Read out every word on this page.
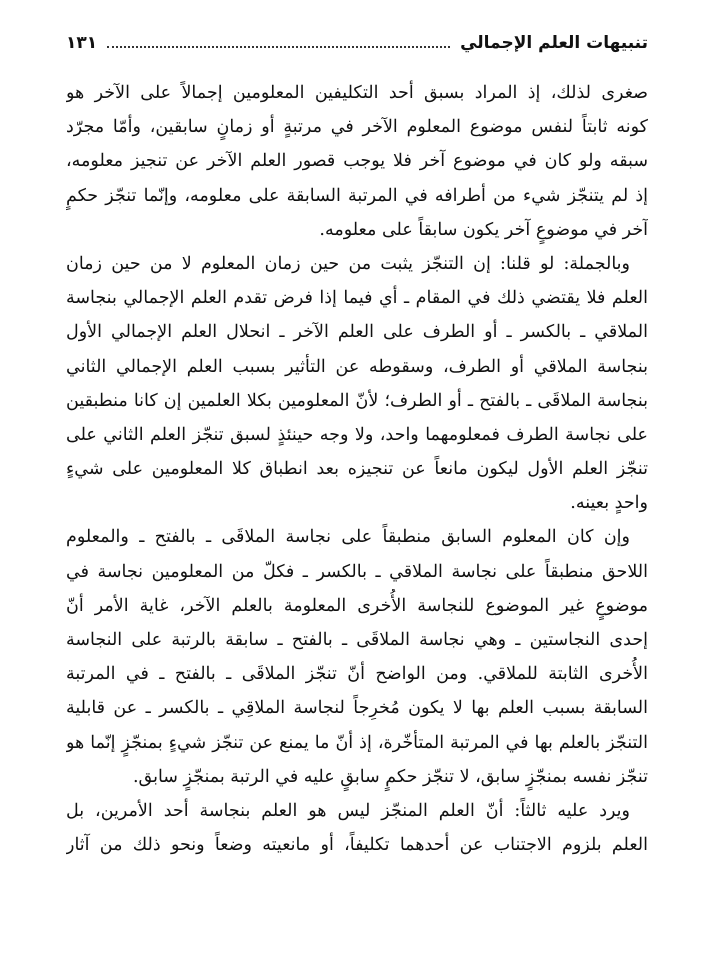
تنبيهات العلم الإجمالي
١٣١
صغرى لذلك، إذ المراد بسبق أحد التكليفين المعلومين إجمالاً على الآخر هو
كونه ثابتاً لنفس موضوع المعلوم الآخر في مرتبةٍ أو زمانٍ سابقين، وأمّا مجرّد
سبقه ولو كان في موضوع آخر فلا يوجب قصور العلم الآخر عن تنجيز معلومه،
إذ لم يتنجّز شيء من أطرافه في المرتبة السابقة على معلومه، وإنّما تنجّز حكمٍ
آخر في موضوعٍ آخر يكون سابقاً على معلومه.
وبالجملة: لو قلنا: إن التنجّز يثبت من حين زمان المعلوم لا من حين زمان
العلم فلا يقتضي ذلك في المقام ـ أي فيما إذا فرض تقدم العلم الإجمالي بنجاسة
الملاقي ـ بالكسر ـ أو الطرف على العلم الآخر ـ انحلال العلم الإجمالي الأول
بنجاسة الملاقي أو الطرف، وسقوطه عن التأثير بسبب العلم الإجمالي الثاني
بنجاسة الملاقَى ـ بالفتح ـ أو الطرف؛ لأنّ المعلومين بكلا العلمين إن كانا منطبقين
على نجاسة الطرف فمعلومهما واحد، ولا وجه حينئذٍ لسبق تنجّز العلم الثاني على
تنجّز العلم الأول ليكون مانعاً عن تنجيزه بعد انطباق كلا المعلومين على شيءٍ
واحدٍ بعينه.
وإن كان المعلوم السابق منطبقاً على نجاسة الملاقَى ـ بالفتح ـ والمعلوم
اللاحق منطبقاً على نجاسة الملاقي ـ بالكسر ـ فكلّ من المعلومين نجاسة في
موضوعٍ غير الموضوع للنجاسة الأُخرى المعلومة بالعلم الآخر، غاية الأمر أنّ
إحدى النجاستين ـ وهي نجاسة الملاقَى ـ بالفتح ـ سابقة بالرتبة على النجاسة
الأُخرى الثابتة للملاقي. ومن الواضح أنّ تنجّز الملاقَى ـ بالفتح ـ في المرتبة
السابقة بسبب العلم بها لا يكون مُخرِجاً لنجاسة الملاقِي ـ بالكسر ـ عن قابلية
التنجّز بالعلم بها في المرتبة المتأخّرة، إذ أنّ ما يمنع عن تنجّز شيءٍ بمنجّزٍ إنّما هو
تنجّز نفسه بمنجّزٍ سابق، لا تنجّز حكمٍ سابقٍ عليه في الرتبة بمنجّزٍ سابق.
ويرد عليه ثالثاً: أنّ العلم المنجّز ليس هو العلم بنجاسة أحد الأمرين، بل
العلم بلزوم الاجتناب عن أحدهما تكليفاً، أو مانعيته وضعاً ونحو ذلك من آثار
